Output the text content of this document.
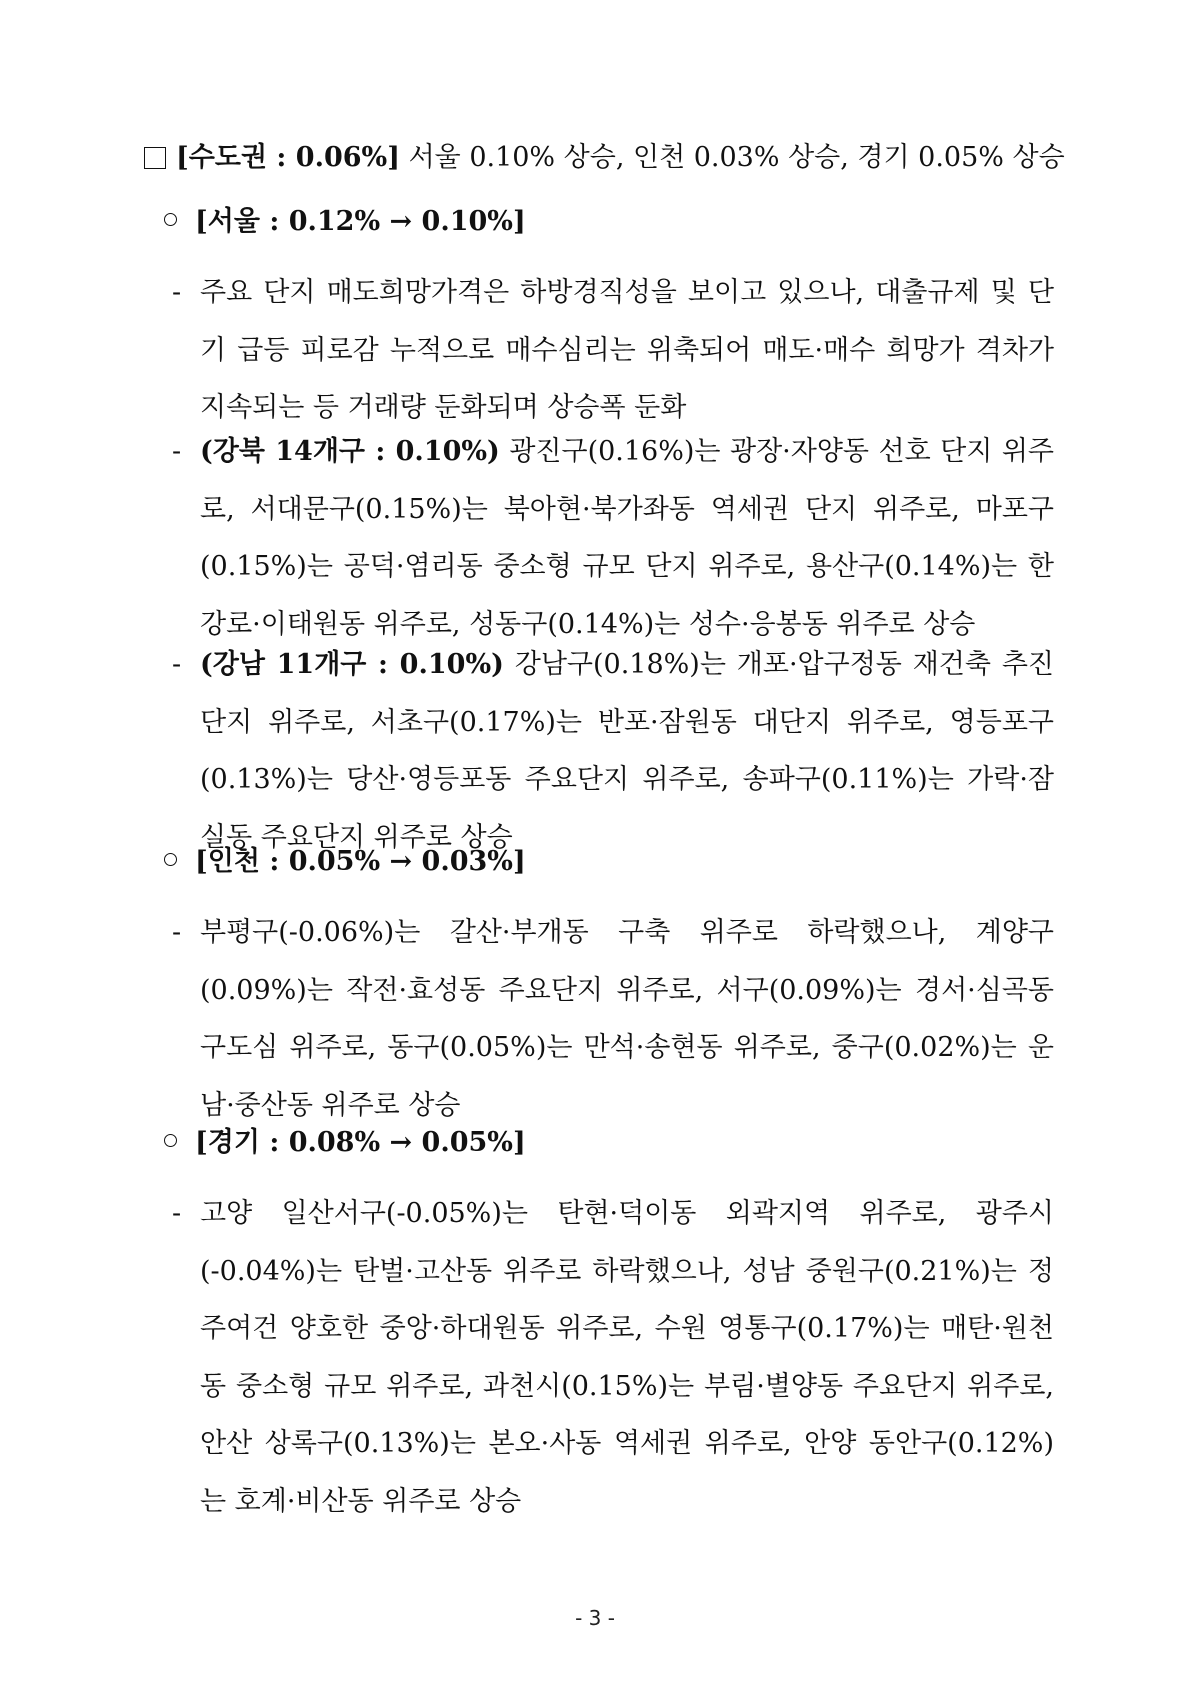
[수도권 : 0.06%] 서울 0.10% 상승, 인천 0.03% 상승, 경기 0.05% 상승
[서울 : 0.12% → 0.10%]
- 주요 단지 매도희망가격은 하방경직성을 보이고 있으나, 대출규제 및 단기 급등 피로감 누적으로 매수심리는 위축되어 매도·매수 희망가 격차가 지속되는 등 거래량 둔화되며 상승폭 둔화
- (강북 14개구 : 0.10%) 광진구(0.16%)는 광장·자양동 선호 단지 위주로, 서대문구(0.15%)는 북아현·북가좌동 역세권 단지 위주로, 마포구(0.15%)는 공덕·염리동 중소형 규모 단지 위주로, 용산구(0.14%)는 한강로·이태원동 위주로, 성동구(0.14%)는 성수·응봉동 위주로 상승
- (강남 11개구 : 0.10%) 강남구(0.18%)는 개포·압구정동 재건축 추진 단지 위주로, 서초구(0.17%)는 반포·잠원동 대단지 위주로, 영등포구(0.13%)는 당산·영등포동 주요단지 위주로, 송파구(0.11%)는 가락·잠실동 주요단지 위주로 상승
[인천 : 0.05% → 0.03%]
- 부평구(-0.06%)는 갈산·부개동 구축 위주로 하락했으나, 계양구(0.09%)는 작전·효성동 주요단지 위주로, 서구(0.09%)는 경서·심곡동 구도심 위주로, 동구(0.05%)는 만석·송현동 위주로, 중구(0.02%)는 운남·중산동 위주로 상승
[경기 : 0.08% → 0.05%]
- 고양 일산서구(-0.05%)는 탄현·덕이동 외곽지역 위주로, 광주시(-0.04%)는 탄벌·고산동 위주로 하락했으나, 성남 중원구(0.21%)는 정주여건 양호한 중앙·하대원동 위주로, 수원 영통구(0.17%)는 매탄·원천동 중소형 규모 위주로, 과천시(0.15%)는 부림·별양동 주요단지 위주로, 안산 상록구(0.13%)는 본오·사동 역세권 위주로, 안양 동안구(0.12%)는 호계·비산동 위주로 상승
- 3 -
